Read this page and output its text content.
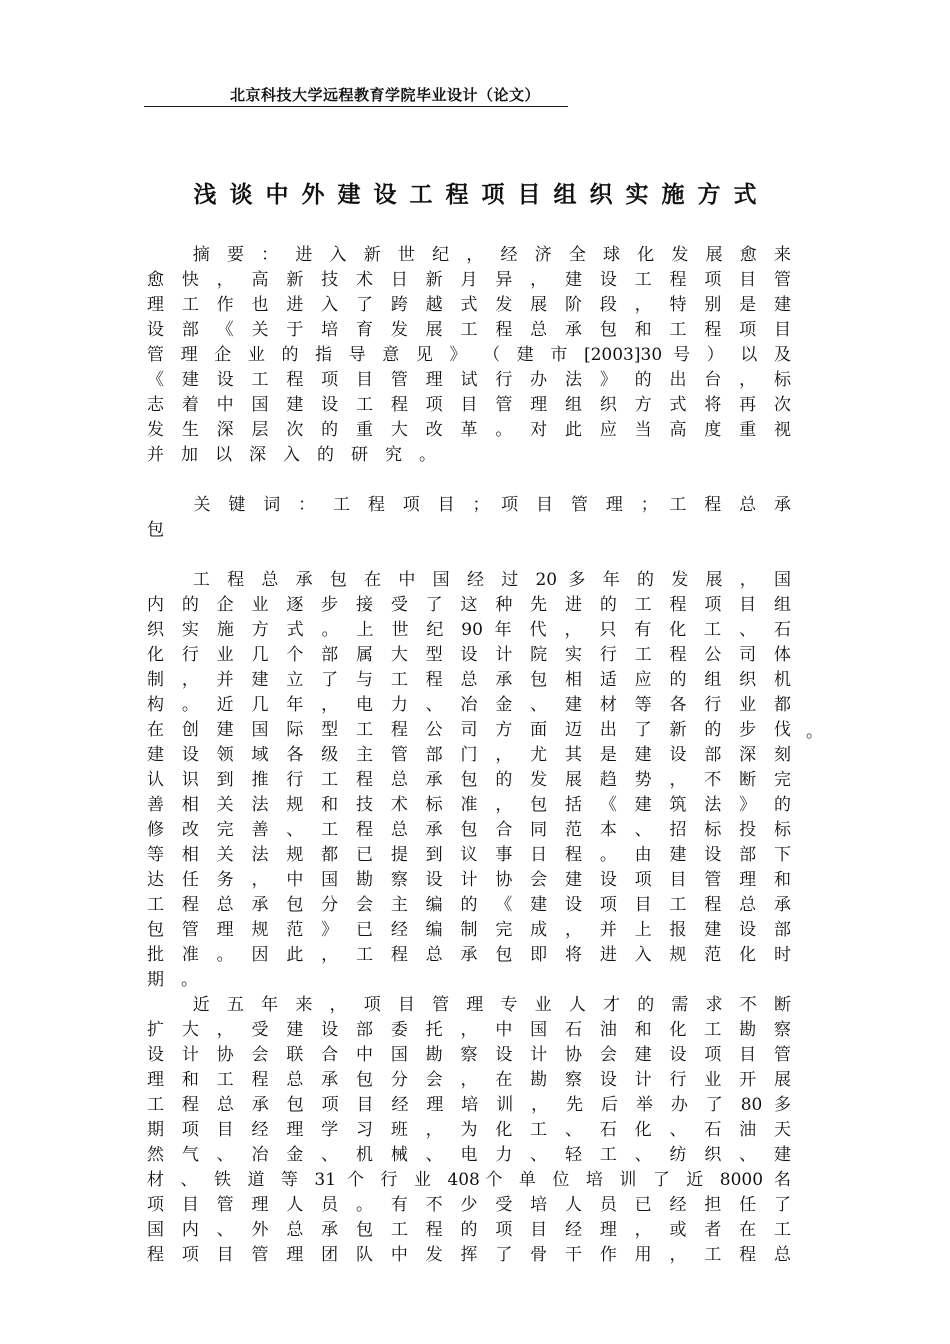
北京科技大学远程教育学院毕业设计（论文）
浅谈中外建设工程项目组织实施方式
　　摘 要 ： 进 入 新 世 纪 ， 经 济 全 球 化 发 展 愈 来
愈 快 ， 高 新 技 术 日 新 月 异 ， 建 设 工 程 项 目 管
理 工 作 也 进 入 了 跨 越 式 发 展 阶 段 ， 特 别 是 建
设 部 《 关 于 培 育 发 展 工 程 总 承 包 和 工 程 项 目
管 理 企 业 的 指 导 意 见 》 （ 建 市 [2003]30 号 ） 以 及
《 建 设 工 程 项 目 管 理 试 行 办 法 》 的 出 台 ， 标
志 着 中 国 建 设 工 程 项 目 管 理 组 织 方 式 将 再 次
发 生 深 层 次 的 重 大 改 革 。 对 此 应 当 高 度 重 视
并加以深入的研究。
　　关 键 词 ： 工 程 项 目 ； 项 目 管 理 ； 工 程 总 承
包
　　工 程 总 承 包 在 中 国 经 过 20 多 年 的 发 展 ， 国
内 的 企 业 逐 步 接 受 了 这 种 先 进 的 工 程 项 目 组
织 实 施 方 式 。 上 世 纪 90 年 代 ， 只 有 化 工 、 石
化 行 业 几 个 部 属 大 型 设 计 院 实 行 工 程 公 司 体
制 ， 并 建 立 了 与 工 程 总 承 包 相 适 应 的 组 织 机
构 。 近 几 年 ， 电 力 、 冶 金 、 建 材 等 各 行 业 都
在 创 建 国 际 型 工 程 公 司 方 面 迈 出 了 新 的 步 伐
建 设 领 域 各 级 主 管 部 门 ， 尤 其 是 建 设 部 深 刻
认 识 到 推 行 工 程 总 承 包 的 发 展 趋 势 ， 不 断 完
善 相 关 法 规 和 技 术 标 准 ， 包 括 《 建 筑 法 》 的
修 改 完 善 、 工 程 总 承 包 合 同 范 本 、 招 标 投 标
等 相 关 法 规 都 已 提 到 议 事 日 程 。 由 建 设 部 下
达 任 务 ， 中 国 勘 察 设 计 协 会 建 设 项 目 管 理 和
工 程 总 承 包 分 会 主 编 的 《 建 设 项 目 工 程 总 承
包 管 理 规 范 》 已 经 编 制 完 成 ， 并 上 报 建 设 部
批 准 。 因 此 ， 工 程 总 承 包 即 将 进 入 规 范 化 时
期。
　　近 五 年 来 ， 项 目 管 理 专 业 人 才 的 需 求 不 断
扩 大 ， 受 建 设 部 委 托 ， 中 国 石 油 和 化 工 勘 察
设 计 协 会 联 合 中 国 勘 察 设 计 协 会 建 设 项 目 管
理 和 工 程 总 承 包 分 会 ， 在 勘 察 设 计 行 业 开 展
工 程 总 承 包 项 目 经 理 培 训 ， 先 后 举 办 了 80 多
期 项 目 经 理 学 习 班 ， 为 化 工 、 石 化 、 石 油 天
然 气 、 冶 金 、 机 械 、 电 力 、 轻 工 、 纺 织 、 建
材 、 铁 道 等 31 个 行 业 408个 单 位 培 训 了 近 8000 名
项 目 管 理 人 员 。 有 不 少 受 培 人 员 已 经 担 任 了
国 内 、 外 总 承 包 工 程 的 项 目 经 理 ， 或 者 在 工
程 项 目 管 理 团 队 中 发 挥 了 骨 干 作 用 ， 工 程 总
。
